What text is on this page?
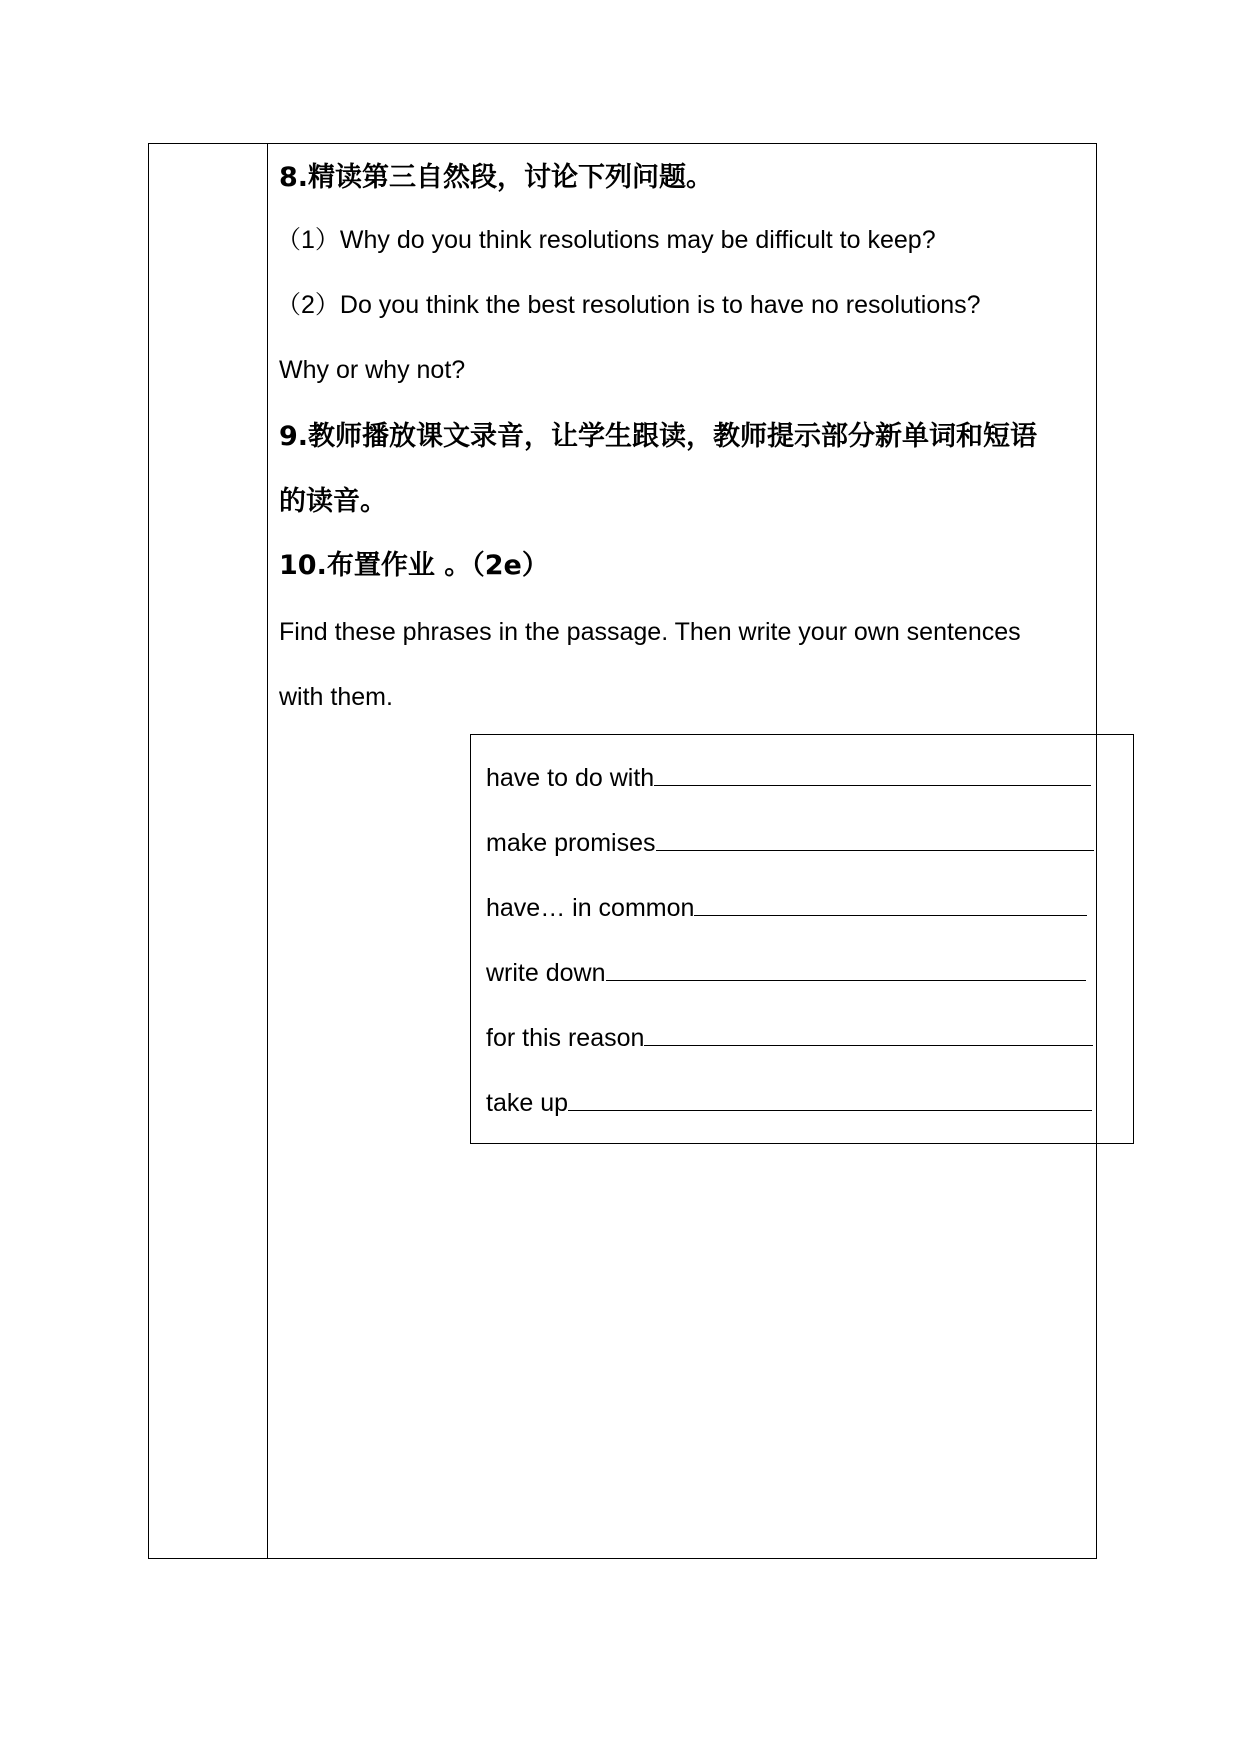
8.精读第三自然段，讨论下列问题。
（1）Why do you think resolutions may be difficult to keep?
（2）Do you think the best resolution is to have no resolutions?
Why or why not?
9.教师播放课文录音，让学生跟读，教师提示部分新单词和短语
的读音。
10.布置作业 。（2e）
Find these phrases in the passage. Then write your own sentences
with them.
have to do with
make promises
have… in common
write down
for this reason
take up
